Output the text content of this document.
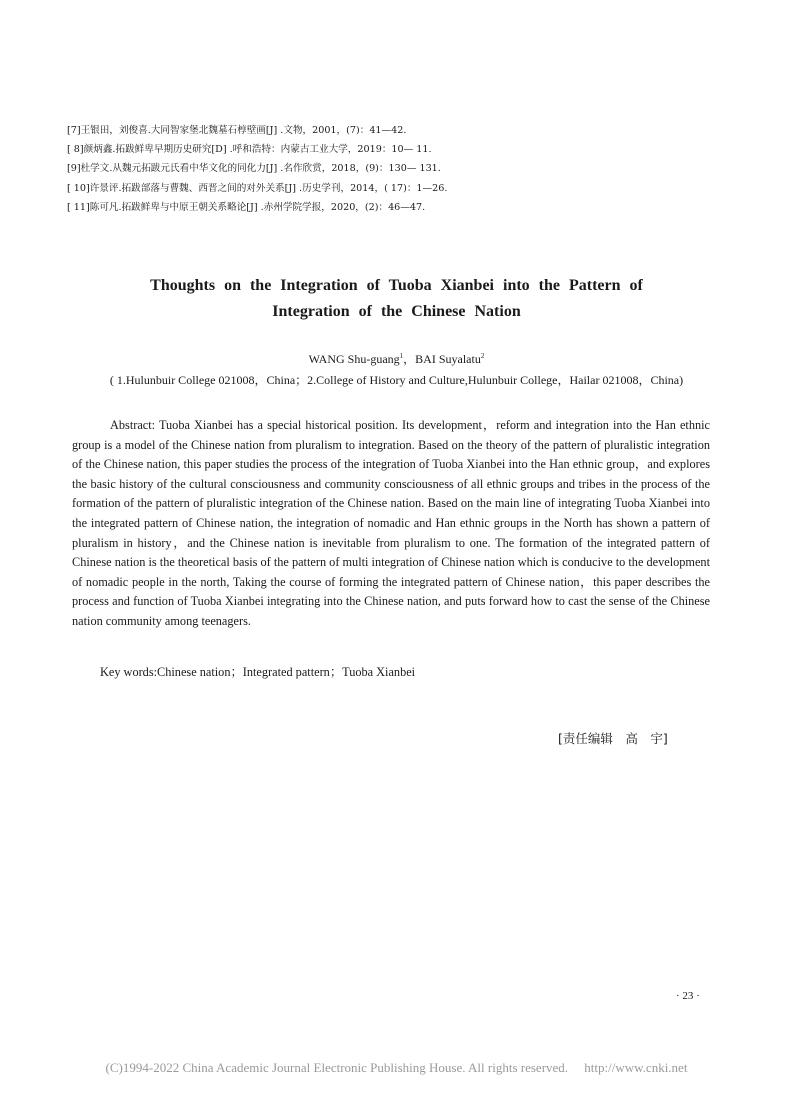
[7]王银田，刘俊喜.大同智家堡北魏墓石椁壁画[J] .文物，2001，(7)：41—42.
[ 8]颜炳鑫.拓跋鲜卑早期历史研究[D] .呼和浩特：内蒙古工业大学，2019：10— 11.
[9]杜学文.从魏元拓跋元氏看中华文化的同化力[J] .名作欣赏，2018，(9)：130— 131.
[ 10]许景评.拓跋部落与曹魏、西晋之间的对外关系[J] .历史学刊，2014，( 17)：1—26.
[ 11]陈可凡.拓跋鲜卑与中原王朝关系略论[J] .赤州学院学报，2020，(2)：46—47.
Thoughts on the Integration of Tuoba Xianbei into the Pattern of
Integration of the Chinese Nation
WANG Shu-guang$^1$，BAI Suyalatu$^2$
( 1.Hulunbuir College 021008，China；2.College of History and Culture,Hulunbuir College，Hailar 021008，China)
Abstract: Tuoba Xianbei has a special historical position. Its development，reform and integration into the Han ethnic group is a model of the Chinese nation from pluralism to integration. Based on the theory of the pattern of pluralistic integration of the Chinese nation, this paper studies the process of the integration of Tuoba Xianbei into the Han ethnic group，and explores the basic history of the cultural consciousness and community consciousness of all ethnic groups and tribes in the process of the formation of the pattern of pluralistic integration of the Chinese nation. Based on the main line of integrating Tuoba Xianbei into the integrated pattern of Chinese nation, the integration of nomadic and Han ethnic groups in the North has shown a pattern of pluralism in history，and the Chinese nation is inevitable from pluralism to one. The formation of the integrated pattern of Chinese nation is the theoretical basis of the pattern of multi integration of Chinese nation which is conducive to the development of nomadic people in the north, Taking the course of forming the integrated pattern of Chinese nation，this paper describes the process and function of Tuoba Xianbei integrating into the Chinese nation, and puts forward how to cast the sense of the Chinese nation community among teenagers.
Key words:Chinese nation；Integrated pattern；Tuoba Xianbei
[责任编辑　高　宇]
· 23 ·
(C)1994-2022 China Academic Journal Electronic Publishing House. All rights reserved.　 http://www.cnki.net
